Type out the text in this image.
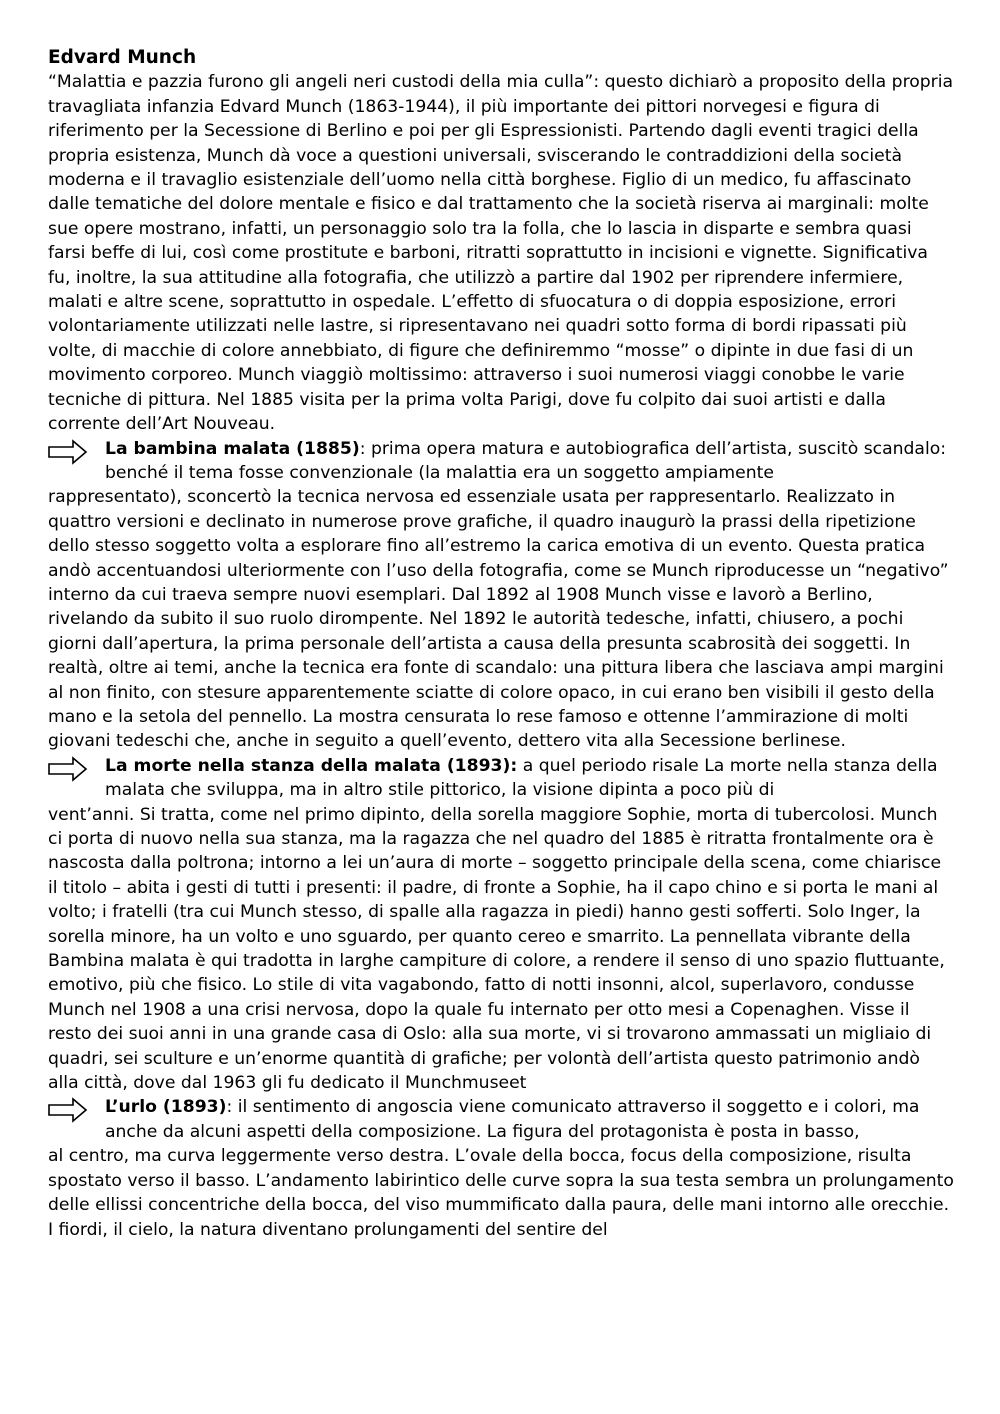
Edvard Munch

“Malattia e pazzia furono gli angeli neri custodi della mia culla”: questo dichiarò a proposito della propria travagliata infanzia Edvard Munch (1863-1944), il più importante dei pittori norvegesi e figura di riferimento per la Secessione di Berlino e poi per gli Espressionisti. Partendo dagli eventi tragici della propria esistenza, Munch dà voce a questioni universali, sviscerando le contraddizioni della società moderna e il travaglio esistenziale dell’uomo nella città borghese. Figlio di un medico, fu affascinato dalle tematiche del dolore mentale e fisico e dal trattamento che la società riserva ai marginali: molte sue opere mostrano, infatti, un personaggio solo tra la folla, che lo lascia in disparte e sembra quasi farsi beffe di lui, così come prostitute e barboni, ritratti soprattutto in incisioni e vignette. Significativa fu, inoltre, la sua attitudine alla fotografia, che utilizzò a partire dal 1902 per riprendere infermiere, malati e altre scene, soprattutto in ospedale. L’effetto di sfuocatura o di doppia esposizione, errori volontariamente utilizzati nelle lastre, si ripresentavano nei quadri sotto forma di bordi ripassati più volte, di macchie di colore annebbiato, di figure che definiremmo “mosse” o dipinte in due fasi di un movimento corporeo. Munch viaggiò moltissimo: attraverso i suoi numerosi viaggi conobbe le varie tecniche di pittura. Nel 1885 visita per la prima volta Parigi, dove fu colpito dai suoi artisti e dalla corrente dell’Art Nouveau.

La bambina malata (1885): prima opera matura e autobiografica dell’artista, suscitò scandalo: benché il tema fosse convenzionale (la malattia era un soggetto ampiamente

rappresentato), sconcertò la tecnica nervosa ed essenziale usata per rappresentarlo. Realizzato in quattro versioni e declinato in numerose prove grafiche, il quadro inaugurò la prassi della ripetizione dello stesso soggetto volta a esplorare fino all’estremo la carica emotiva di un evento. Questa pratica andò accentuandosi ulteriormente con l’uso della fotografia, come se Munch riproducesse un “negativo” interno da cui traeva sempre nuovi esemplari. Dal 1892 al 1908 Munch visse e lavorò a Berlino, rivelando da subito il suo ruolo dirompente. Nel 1892 le autorità tedesche, infatti, chiusero, a pochi giorni dall’apertura, la prima personale dell’artista a causa della presunta scabrosità dei soggetti. In realtà, oltre ai temi, anche la tecnica era fonte di scandalo: una pittura libera che lasciava ampi margini al non finito, con stesure apparentemente sciatte di colore opaco, in cui erano ben visibili il gesto della mano e la setola del pennello. La mostra censurata lo rese famoso e ottenne l’ammirazione di molti giovani tedeschi che, anche in seguito a quell’evento, dettero vita alla Secessione berlinese.

La morte nella stanza della malata (1893): a quel periodo risale La morte nella stanza della malata che sviluppa, ma in altro stile pittorico, la visione dipinta a poco più di

vent’anni. Si tratta, come nel primo dipinto, della sorella maggiore Sophie, morta di tubercolosi. Munch ci porta di nuovo nella sua stanza, ma la ragazza che nel quadro del 1885 è ritratta frontalmente ora è nascosta dalla poltrona; intorno a lei un’aura di morte – soggetto principale della scena, come chiarisce il titolo – abita i gesti di tutti i presenti: il padre, di fronte a Sophie, ha il capo chino e si porta le mani al volto; i fratelli (tra cui Munch stesso, di spalle alla ragazza in piedi) hanno gesti sofferti. Solo Inger, la sorella minore, ha un volto e uno sguardo, per quanto cereo e smarrito. La pennellata vibrante della Bambina malata è qui tradotta in larghe campiture di colore, a rendere il senso di uno spazio fluttuante, emotivo, più che fisico. Lo stile di vita vagabondo, fatto di notti insonni, alcol, superlavoro, condusse Munch nel 1908 a una crisi nervosa, dopo la quale fu internato per otto mesi a Copenaghen. Visse il resto dei suoi anni in una grande casa di Oslo: alla sua morte, vi si trovarono ammassati un migliaio di quadri, sei sculture e un’enorme quantità di grafiche; per volontà dell’artista questo patrimonio andò alla città, dove dal 1963 gli fu dedicato il Munchmuseet

L’urlo (1893): il sentimento di angoscia viene comunicato attraverso il soggetto e i colori, ma anche da alcuni aspetti della composizione. La figura del protagonista è posta in basso,

al centro, ma curva leggermente verso destra. L’ovale della bocca, focus della composizione, risulta spostato verso il basso. L’andamento labirintico delle curve sopra la sua testa sembra un prolungamento delle ellissi concentriche della bocca, del viso mummificato dalla paura, delle mani intorno alle orecchie. I fiordi, il cielo, la natura diventano prolungamenti del sentire del
